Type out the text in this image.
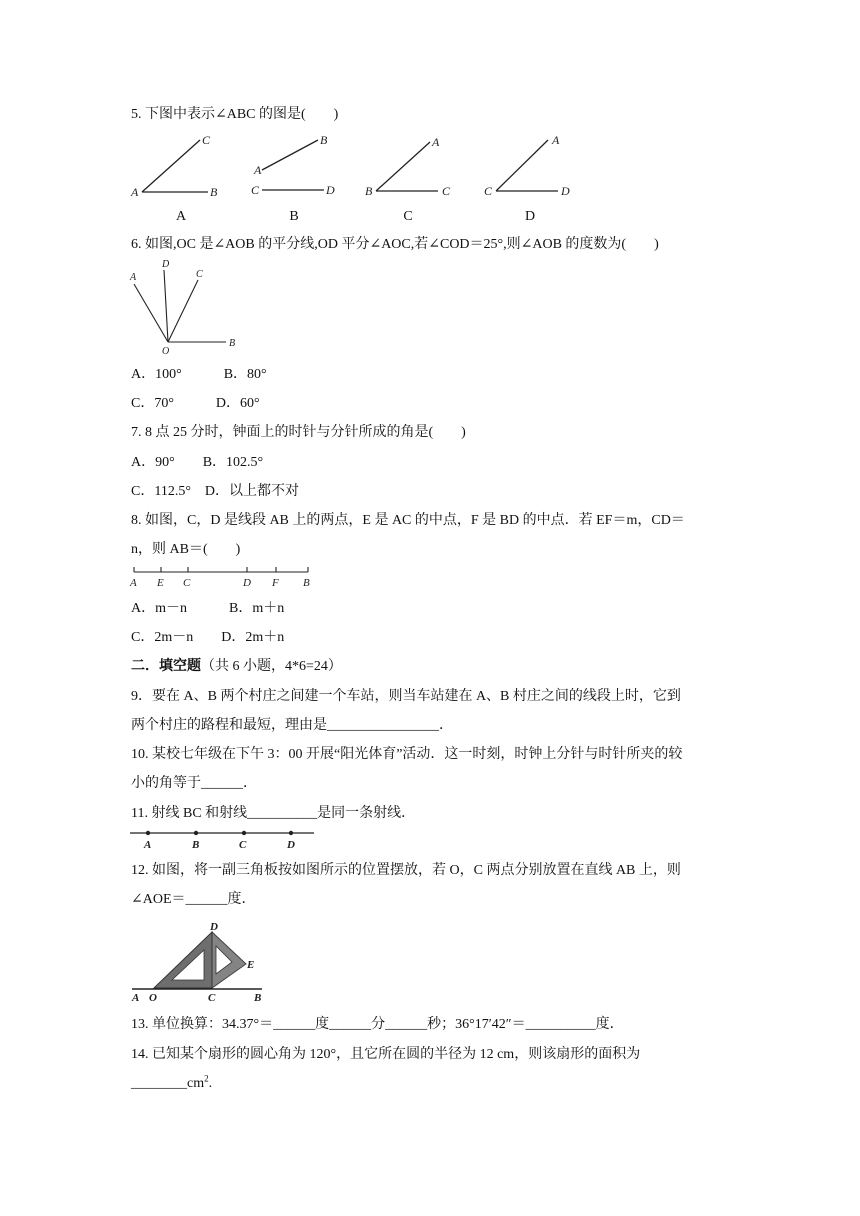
5. 下图中表示∠ABC 的图是(　　)
C
A	B
A
B
A
C	D
B
A
B	C
C
A
C	D
D
6. 如图,OC 是∠AOB 的平分线,OD 平分∠AOC,若∠COD＝25°,则∠AOB 的度数为(　　)
A
D
C
O
B
A．100°　　　B．80°
C．70°　　　D．60°
7. 8 点 25 分时，钟面上的时针与分针所成的角是(　　)
A．90°　　B．102.5°
C．112.5°　D．以上都不对
8. 如图，C，D 是线段 AB 上的两点，E 是 AC 的中点，F 是 BD 的中点．若 EF＝m，CD＝
n，则 AB＝(　　)
A E C	D F B
A．m－n　　　B．m＋n
C．2m－n　　D．2m＋n
二．填空题（共 6 小题，4*6=24）
9．要在 A、B 两个村庄之间建一个车站，则当车站建在 A、B 村庄之间的线段上时，它到
两个村庄的路程和最短，理由是________________．
10. 某校七年级在下午 3：00 开展“阳光体育”活动．这一时刻，时钟上分针与时针所夹的较
小的角等于______．
11. 射线 BC 和射线__________是同一条射线．
A	B	C	D
12. 如图，将一副三角板按如图所示的位置摆放，若 O，C 两点分别放置在直线 AB 上，则
∠AOE＝______度．
D
E
A O	C	B
13. 单位换算：34.37°＝______度______分______秒；36°17′42″＝__________度．
14. 已知某个扇形的圆心角为 120°，且它所在圆的半径为 12 cm，则该扇形的面积为
$\_\_\_\_\_\_\_\_cm^2$.
